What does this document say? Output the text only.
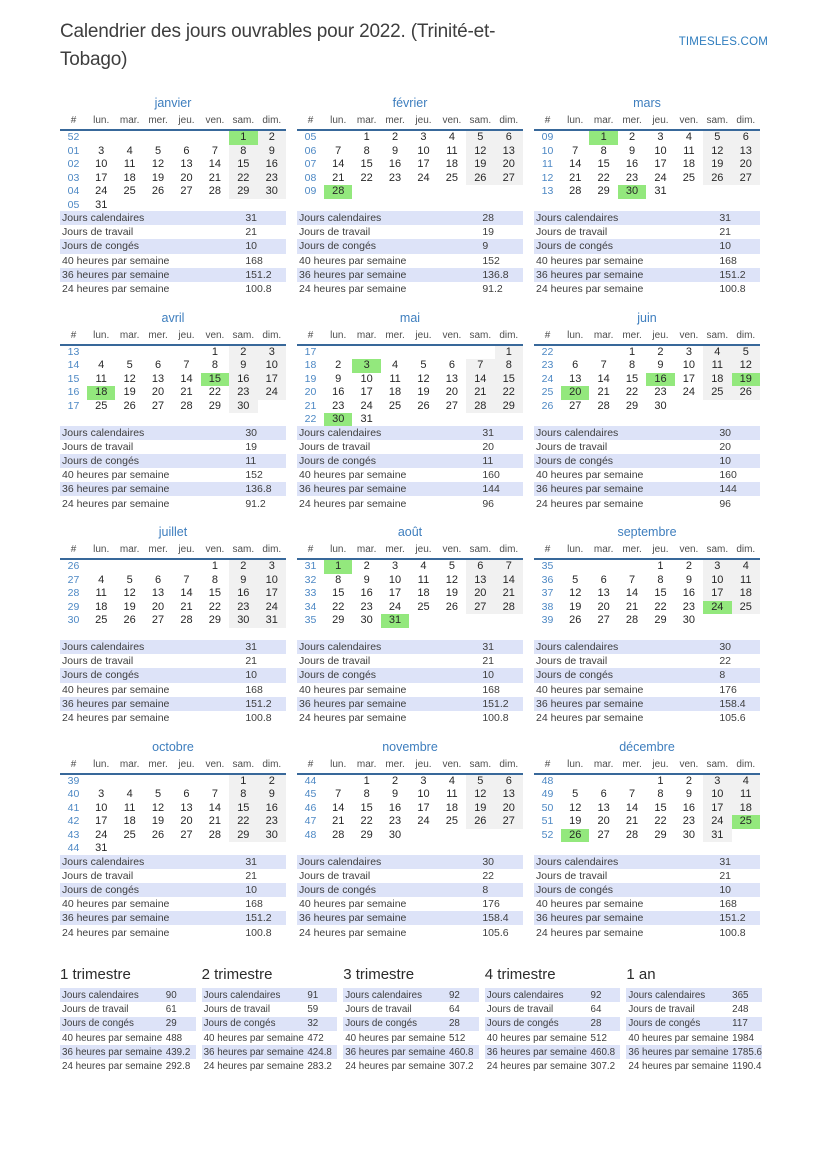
Calendrier des jours ouvrables pour 2022. (Trinité-et-
Tobago)
TIMESLES.COM
janvier
#	lun.	mar.	mer.	jeu.	ven.	sam.	dim.
52						1	2
01	3	4	5	6	7	8	9
02	10	11	12	13	14	15	16
03	17	18	19	20	21	22	23
04	24	25	26	27	28	29	30
05	31						
Jours calendaires	31
Jours de travail	21
Jours de congés	10
40 heures par semaine	168
36 heures par semaine	151.2
24 heures par semaine	100.8
février
#	lun.	mar.	mer.	jeu.	ven.	sam.	dim.
05		1	2	3	4	5	6
06	7	8	9	10	11	12	13
07	14	15	16	17	18	19	20
08	21	22	23	24	25	26	27
09	28						
Jours calendaires	28
Jours de travail	19
Jours de congés	9
40 heures par semaine	152
36 heures par semaine	136.8
24 heures par semaine	91.2
mars
#	lun.	mar.	mer.	jeu.	ven.	sam.	dim.
09		1	2	3	4	5	6
10	7	8	9	10	11	12	13
11	14	15	16	17	18	19	20
12	21	22	23	24	25	26	27
13	28	29	30	31			
Jours calendaires	31
Jours de travail	21
Jours de congés	10
40 heures par semaine	168
36 heures par semaine	151.2
24 heures par semaine	100.8
avril
#	lun.	mar.	mer.	jeu.	ven.	sam.	dim.
13					1	2	3
14	4	5	6	7	8	9	10
15	11	12	13	14	15	16	17
16	18	19	20	21	22	23	24
17	25	26	27	28	29	30	
Jours calendaires	30
Jours de travail	19
Jours de congés	11
40 heures par semaine	152
36 heures par semaine	136.8
24 heures par semaine	91.2
mai
#	lun.	mar.	mer.	jeu.	ven.	sam.	dim.
17							1
18	2	3	4	5	6	7	8
19	9	10	11	12	13	14	15
20	16	17	18	19	20	21	22
21	23	24	25	26	27	28	29
22	30	31					
Jours calendaires	31
Jours de travail	20
Jours de congés	11
40 heures par semaine	160
36 heures par semaine	144
24 heures par semaine	96
juin
#	lun.	mar.	mer.	jeu.	ven.	sam.	dim.
22			1	2	3	4	5
23	6	7	8	9	10	11	12
24	13	14	15	16	17	18	19
25	20	21	22	23	24	25	26
26	27	28	29	30			
Jours calendaires	30
Jours de travail	20
Jours de congés	10
40 heures par semaine	160
36 heures par semaine	144
24 heures par semaine	96
juillet
#	lun.	mar.	mer.	jeu.	ven.	sam.	dim.
26					1	2	3
27	4	5	6	7	8	9	10
28	11	12	13	14	15	16	17
29	18	19	20	21	22	23	24
30	25	26	27	28	29	30	31
Jours calendaires	31
Jours de travail	21
Jours de congés	10
40 heures par semaine	168
36 heures par semaine	151.2
24 heures par semaine	100.8
août
#	lun.	mar.	mer.	jeu.	ven.	sam.	dim.
31	1	2	3	4	5	6	7
32	8	9	10	11	12	13	14
33	15	16	17	18	19	20	21
34	22	23	24	25	26	27	28
35	29	30	31				
Jours calendaires	31
Jours de travail	21
Jours de congés	10
40 heures par semaine	168
36 heures par semaine	151.2
24 heures par semaine	100.8
septembre
#	lun.	mar.	mer.	jeu.	ven.	sam.	dim.
35				1	2	3	4
36	5	6	7	8	9	10	11
37	12	13	14	15	16	17	18
38	19	20	21	22	23	24	25
39	26	27	28	29	30		
Jours calendaires	30
Jours de travail	22
Jours de congés	8
40 heures par semaine	176
36 heures par semaine	158.4
24 heures par semaine	105.6
octobre
#	lun.	mar.	mer.	jeu.	ven.	sam.	dim.
39						1	2
40	3	4	5	6	7	8	9
41	10	11	12	13	14	15	16
42	17	18	19	20	21	22	23
43	24	25	26	27	28	29	30
44	31						
Jours calendaires	31
Jours de travail	21
Jours de congés	10
40 heures par semaine	168
36 heures par semaine	151.2
24 heures par semaine	100.8
novembre
#	lun.	mar.	mer.	jeu.	ven.	sam.	dim.
44		1	2	3	4	5	6
45	7	8	9	10	11	12	13
46	14	15	16	17	18	19	20
47	21	22	23	24	25	26	27
48	28	29	30				
Jours calendaires	30
Jours de travail	22
Jours de congés	8
40 heures par semaine	176
36 heures par semaine	158.4
24 heures par semaine	105.6
décembre
#	lun.	mar.	mer.	jeu.	ven.	sam.	dim.
48				1	2	3	4
49	5	6	7	8	9	10	11
50	12	13	14	15	16	17	18
51	19	20	21	22	23	24	25
52	26	27	28	29	30	31	
Jours calendaires	31
Jours de travail	21
Jours de congés	10
40 heures par semaine	168
36 heures par semaine	151.2
24 heures par semaine	100.8
1 trimestre
Jours calendaires	90
Jours de travail	61
Jours de congés	29
40 heures par semaine 488
36 heures par semaine 439.2
24 heures par semaine 292.8
2 trimestre
Jours calendaires	91
Jours de travail	59
Jours de congés	32
40 heures par semaine 472
36 heures par semaine 424.8
24 heures par semaine 283.2
3 trimestre
Jours calendaires	92
Jours de travail	64
Jours de congés	28
40 heures par semaine 512
36 heures par semaine 460.8
24 heures par semaine 307.2
4 trimestre
Jours calendaires	92
Jours de travail	64
Jours de congés	28
40 heures par semaine 512
36 heures par semaine 460.8
24 heures par semaine 307.2
1 an
Jours calendaires	365
Jours de travail	248
Jours de congés	117
40 heures par semaine 1984
36 heures par semaine 1785.6
24 heures par semaine 1190.4
